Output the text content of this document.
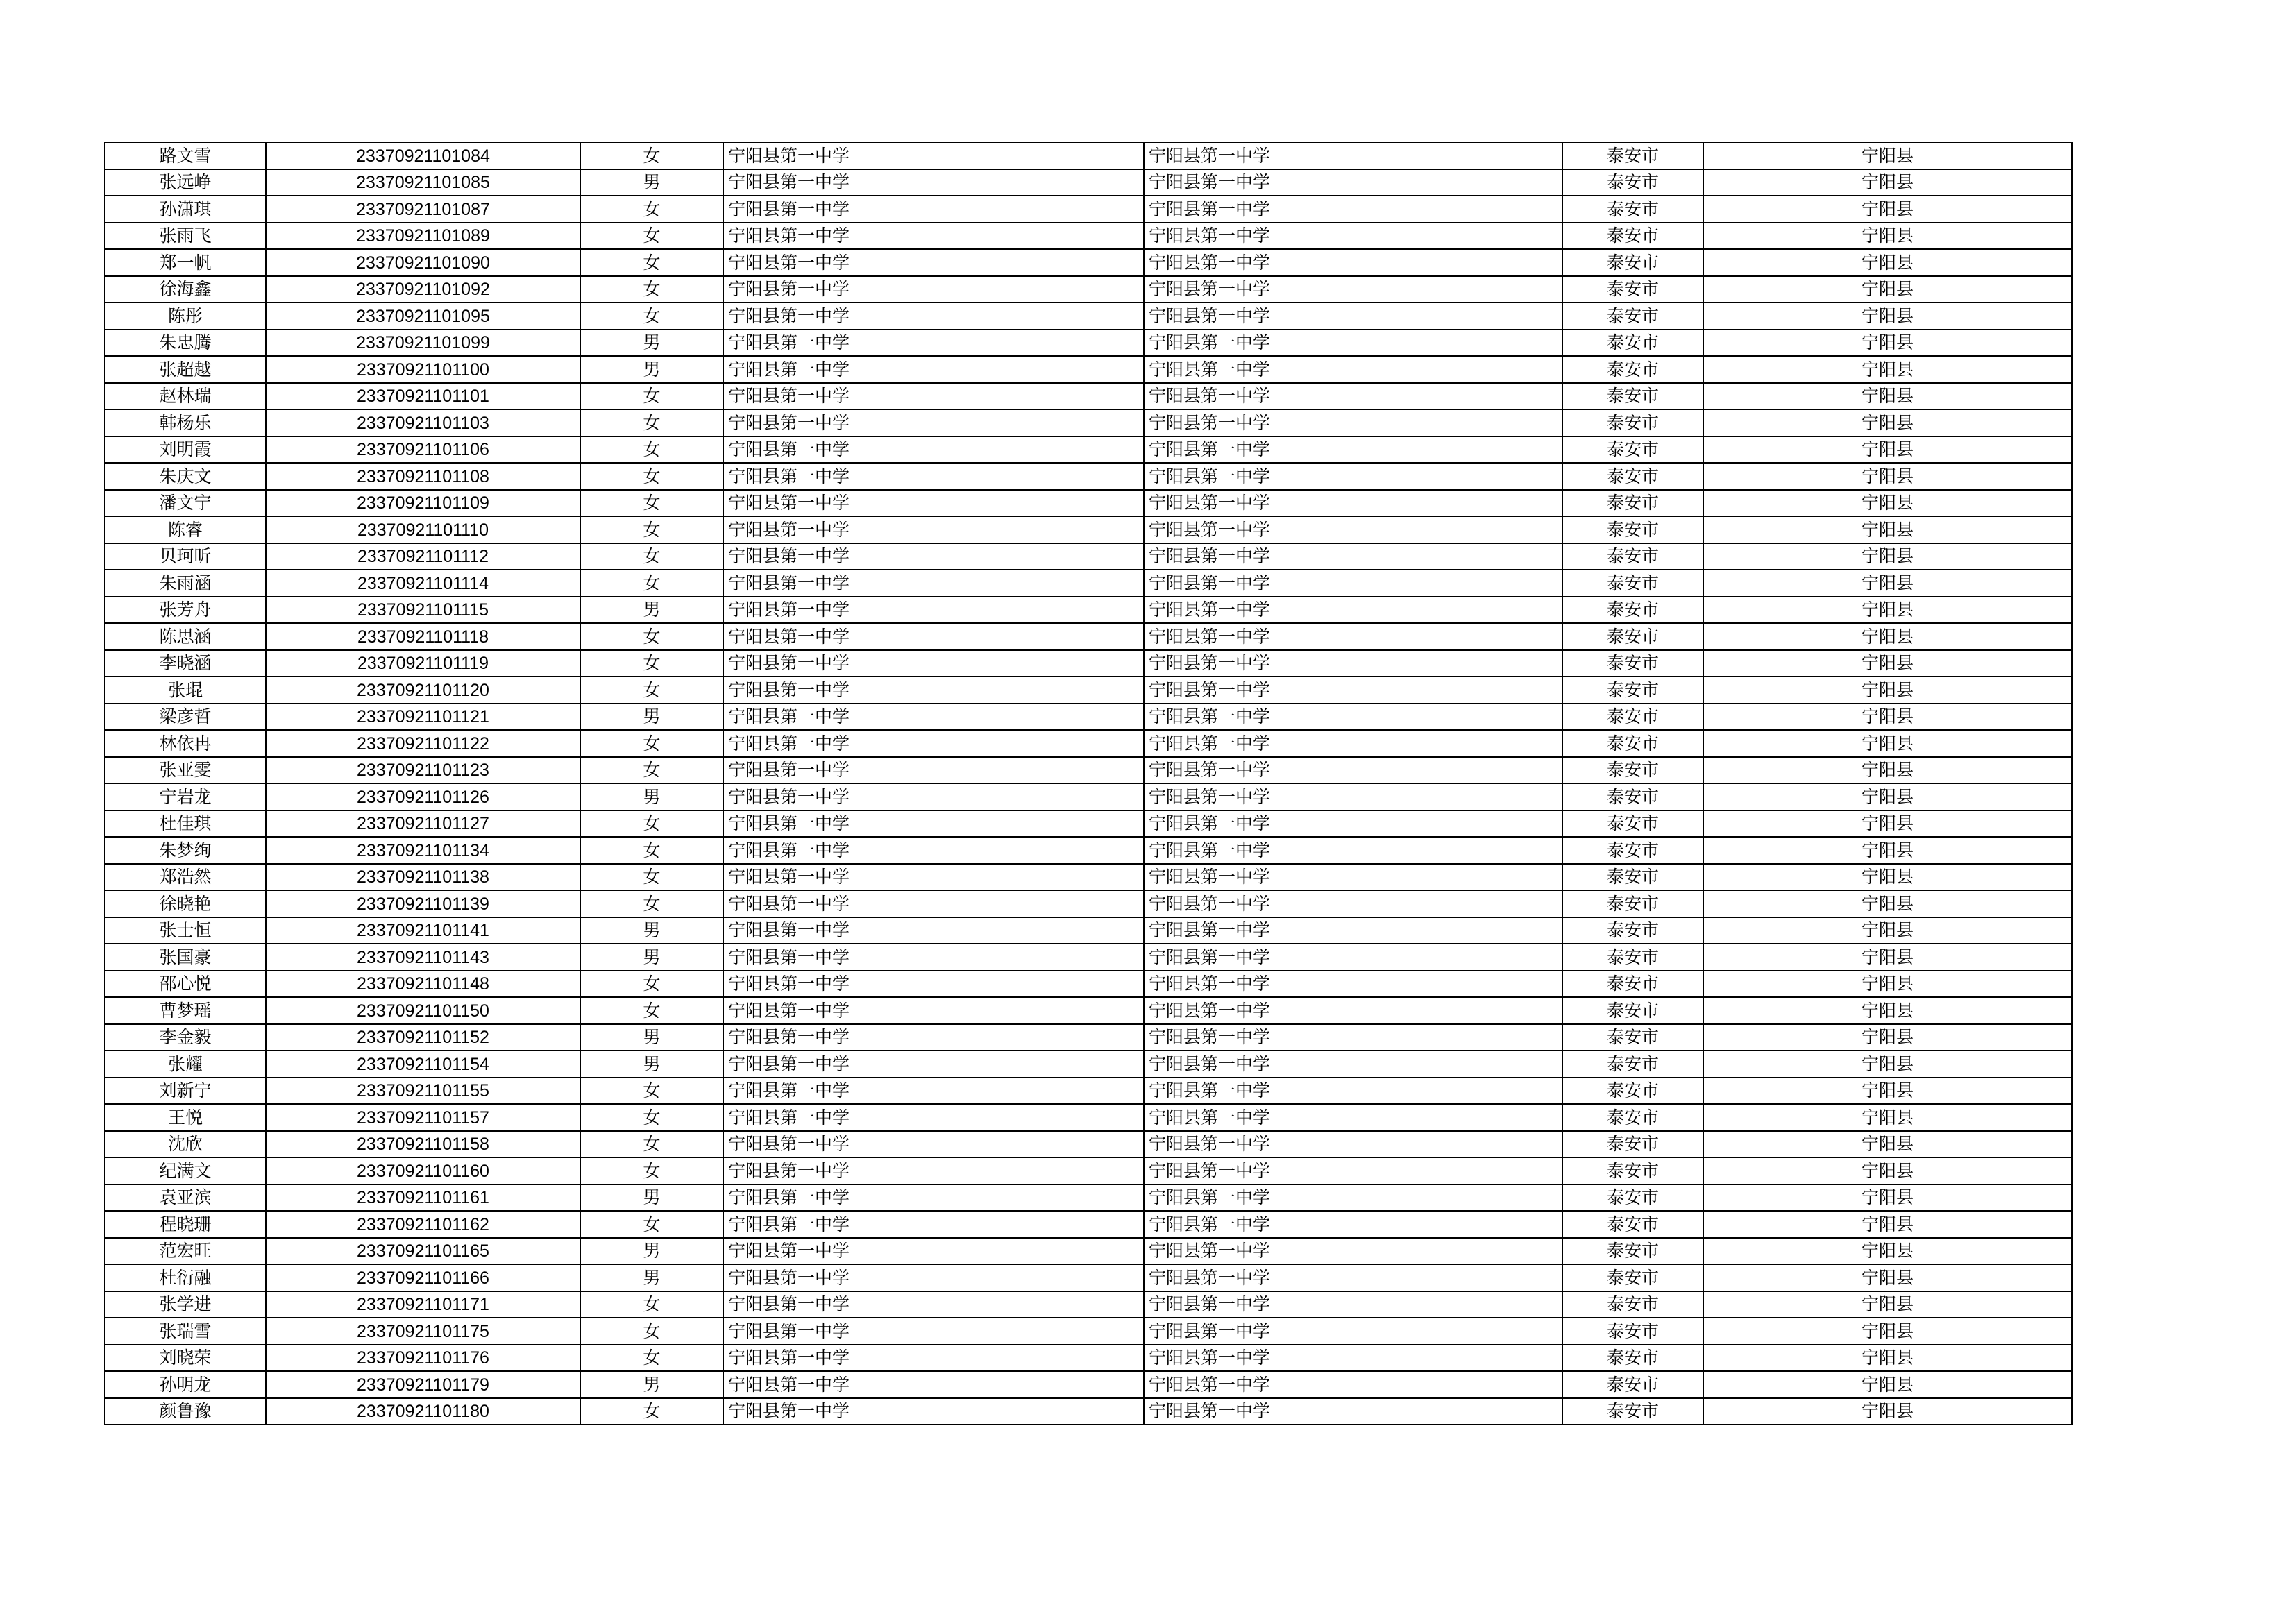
路文雪	23370921101084	女	宁阳县第一中学	宁阳县第一中学	泰安市	宁阳县
张远峥	23370921101085	男	宁阳县第一中学	宁阳县第一中学	泰安市	宁阳县
孙潇琪	23370921101087	女	宁阳县第一中学	宁阳县第一中学	泰安市	宁阳县
张雨飞	23370921101089	女	宁阳县第一中学	宁阳县第一中学	泰安市	宁阳县
郑一帆	23370921101090	女	宁阳县第一中学	宁阳县第一中学	泰安市	宁阳县
徐海鑫	23370921101092	女	宁阳县第一中学	宁阳县第一中学	泰安市	宁阳县
陈彤	23370921101095	女	宁阳县第一中学	宁阳县第一中学	泰安市	宁阳县
朱忠腾	23370921101099	男	宁阳县第一中学	宁阳县第一中学	泰安市	宁阳县
张超越	23370921101100	男	宁阳县第一中学	宁阳县第一中学	泰安市	宁阳县
赵林瑞	23370921101101	女	宁阳县第一中学	宁阳县第一中学	泰安市	宁阳县
韩杨乐	23370921101103	女	宁阳县第一中学	宁阳县第一中学	泰安市	宁阳县
刘明霞	23370921101106	女	宁阳县第一中学	宁阳县第一中学	泰安市	宁阳县
朱庆文	23370921101108	女	宁阳县第一中学	宁阳县第一中学	泰安市	宁阳县
潘文宁	23370921101109	女	宁阳县第一中学	宁阳县第一中学	泰安市	宁阳县
陈睿	23370921101110	女	宁阳县第一中学	宁阳县第一中学	泰安市	宁阳县
贝珂昕	23370921101112	女	宁阳县第一中学	宁阳县第一中学	泰安市	宁阳县
朱雨涵	23370921101114	女	宁阳县第一中学	宁阳县第一中学	泰安市	宁阳县
张芳舟	23370921101115	男	宁阳县第一中学	宁阳县第一中学	泰安市	宁阳县
陈思涵	23370921101118	女	宁阳县第一中学	宁阳县第一中学	泰安市	宁阳县
李晓涵	23370921101119	女	宁阳县第一中学	宁阳县第一中学	泰安市	宁阳县
张琨	23370921101120	女	宁阳县第一中学	宁阳县第一中学	泰安市	宁阳县
梁彦哲	23370921101121	男	宁阳县第一中学	宁阳县第一中学	泰安市	宁阳县
林依冉	23370921101122	女	宁阳县第一中学	宁阳县第一中学	泰安市	宁阳县
张亚雯	23370921101123	女	宁阳县第一中学	宁阳县第一中学	泰安市	宁阳县
宁岩龙	23370921101126	男	宁阳县第一中学	宁阳县第一中学	泰安市	宁阳县
杜佳琪	23370921101127	女	宁阳县第一中学	宁阳县第一中学	泰安市	宁阳县
朱梦绚	23370921101134	女	宁阳县第一中学	宁阳县第一中学	泰安市	宁阳县
郑浩然	23370921101138	女	宁阳县第一中学	宁阳县第一中学	泰安市	宁阳县
徐晓艳	23370921101139	女	宁阳县第一中学	宁阳县第一中学	泰安市	宁阳县
张士恒	23370921101141	男	宁阳县第一中学	宁阳县第一中学	泰安市	宁阳县
张国豪	23370921101143	男	宁阳县第一中学	宁阳县第一中学	泰安市	宁阳县
邵心悦	23370921101148	女	宁阳县第一中学	宁阳县第一中学	泰安市	宁阳县
曹梦瑶	23370921101150	女	宁阳县第一中学	宁阳县第一中学	泰安市	宁阳县
李金毅	23370921101152	男	宁阳县第一中学	宁阳县第一中学	泰安市	宁阳县
张耀	23370921101154	男	宁阳县第一中学	宁阳县第一中学	泰安市	宁阳县
刘新宁	23370921101155	女	宁阳县第一中学	宁阳县第一中学	泰安市	宁阳县
王悦	23370921101157	女	宁阳县第一中学	宁阳县第一中学	泰安市	宁阳县
沈欣	23370921101158	女	宁阳县第一中学	宁阳县第一中学	泰安市	宁阳县
纪满文	23370921101160	女	宁阳县第一中学	宁阳县第一中学	泰安市	宁阳县
袁亚滨	23370921101161	男	宁阳县第一中学	宁阳县第一中学	泰安市	宁阳县
程晓珊	23370921101162	女	宁阳县第一中学	宁阳县第一中学	泰安市	宁阳县
范宏旺	23370921101165	男	宁阳县第一中学	宁阳县第一中学	泰安市	宁阳县
杜衍融	23370921101166	男	宁阳县第一中学	宁阳县第一中学	泰安市	宁阳县
张学进	23370921101171	女	宁阳县第一中学	宁阳县第一中学	泰安市	宁阳县
张瑞雪	23370921101175	女	宁阳县第一中学	宁阳县第一中学	泰安市	宁阳县
刘晓荣	23370921101176	女	宁阳县第一中学	宁阳县第一中学	泰安市	宁阳县
孙明龙	23370921101179	男	宁阳县第一中学	宁阳县第一中学	泰安市	宁阳县
颜鲁豫	23370921101180	女	宁阳县第一中学	宁阳县第一中学	泰安市	宁阳县
